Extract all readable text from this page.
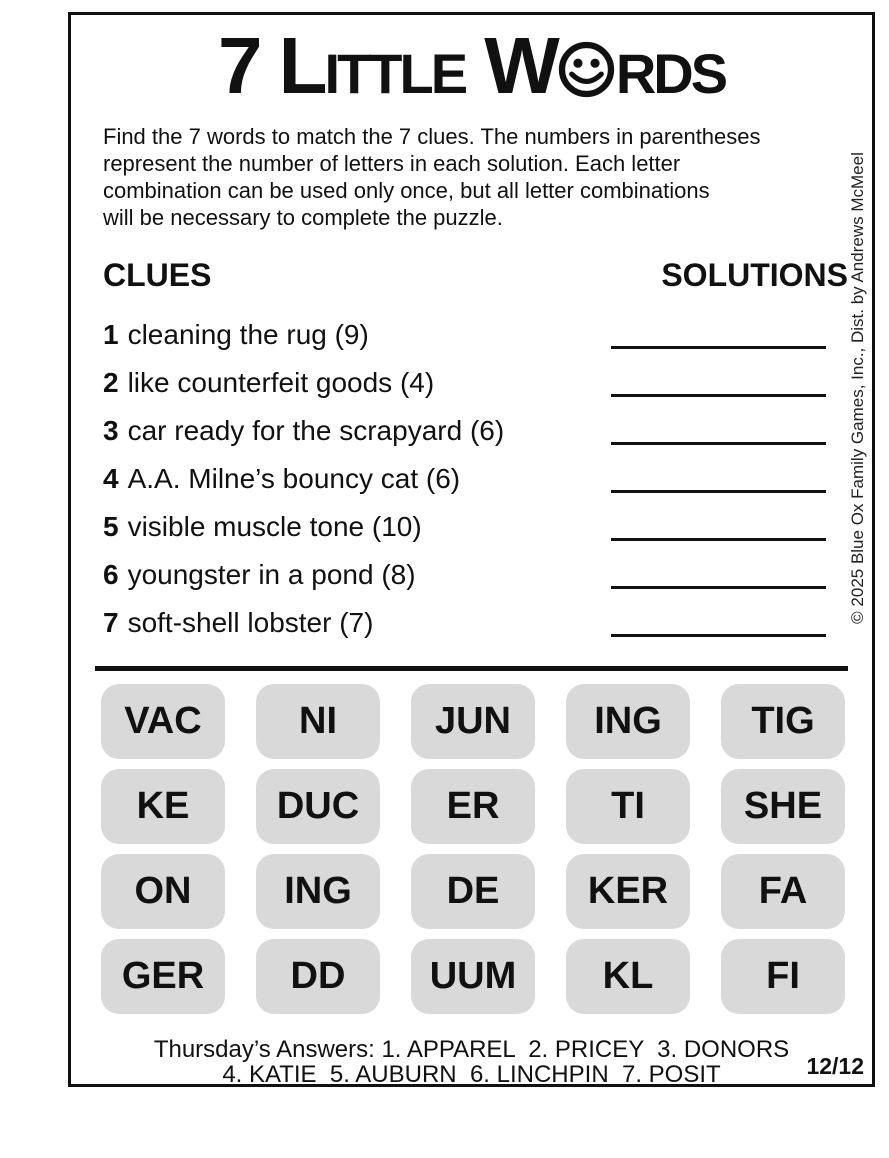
7 Little W rds
Find the 7 words to match the 7 clues. The numbers in parentheses
represent the number of letters in each solution. Each letter
combination can be used only once, but all letter combinations
will be necessary to complete the puzzle.
CLUES	SOLUTIONS
1 cleaning the rug (9)
2 like counterfeit goods (4)
3 car ready for the scrapyard (6)
4 A.A. Milne’s bouncy cat (6)
5 visible muscle tone (10)
6 youngster in a pond (8)
7 soft-shell lobster (7)
VAC	NI	JUN	ING	TIG
KE	DUC	ER	TI	SHE
ON	ING	DE	KER	FA
GER	DD	UUM	KL	FI
Thursday’s Answers: 1. APPAREL  2. PRICEY  3. DONORS
4. KATIE  5. AUBURN  6. LINCHPIN  7. POSIT	12/12
© 2025 Blue Ox Family Games, Inc., Dist. by Andrews McMeel
